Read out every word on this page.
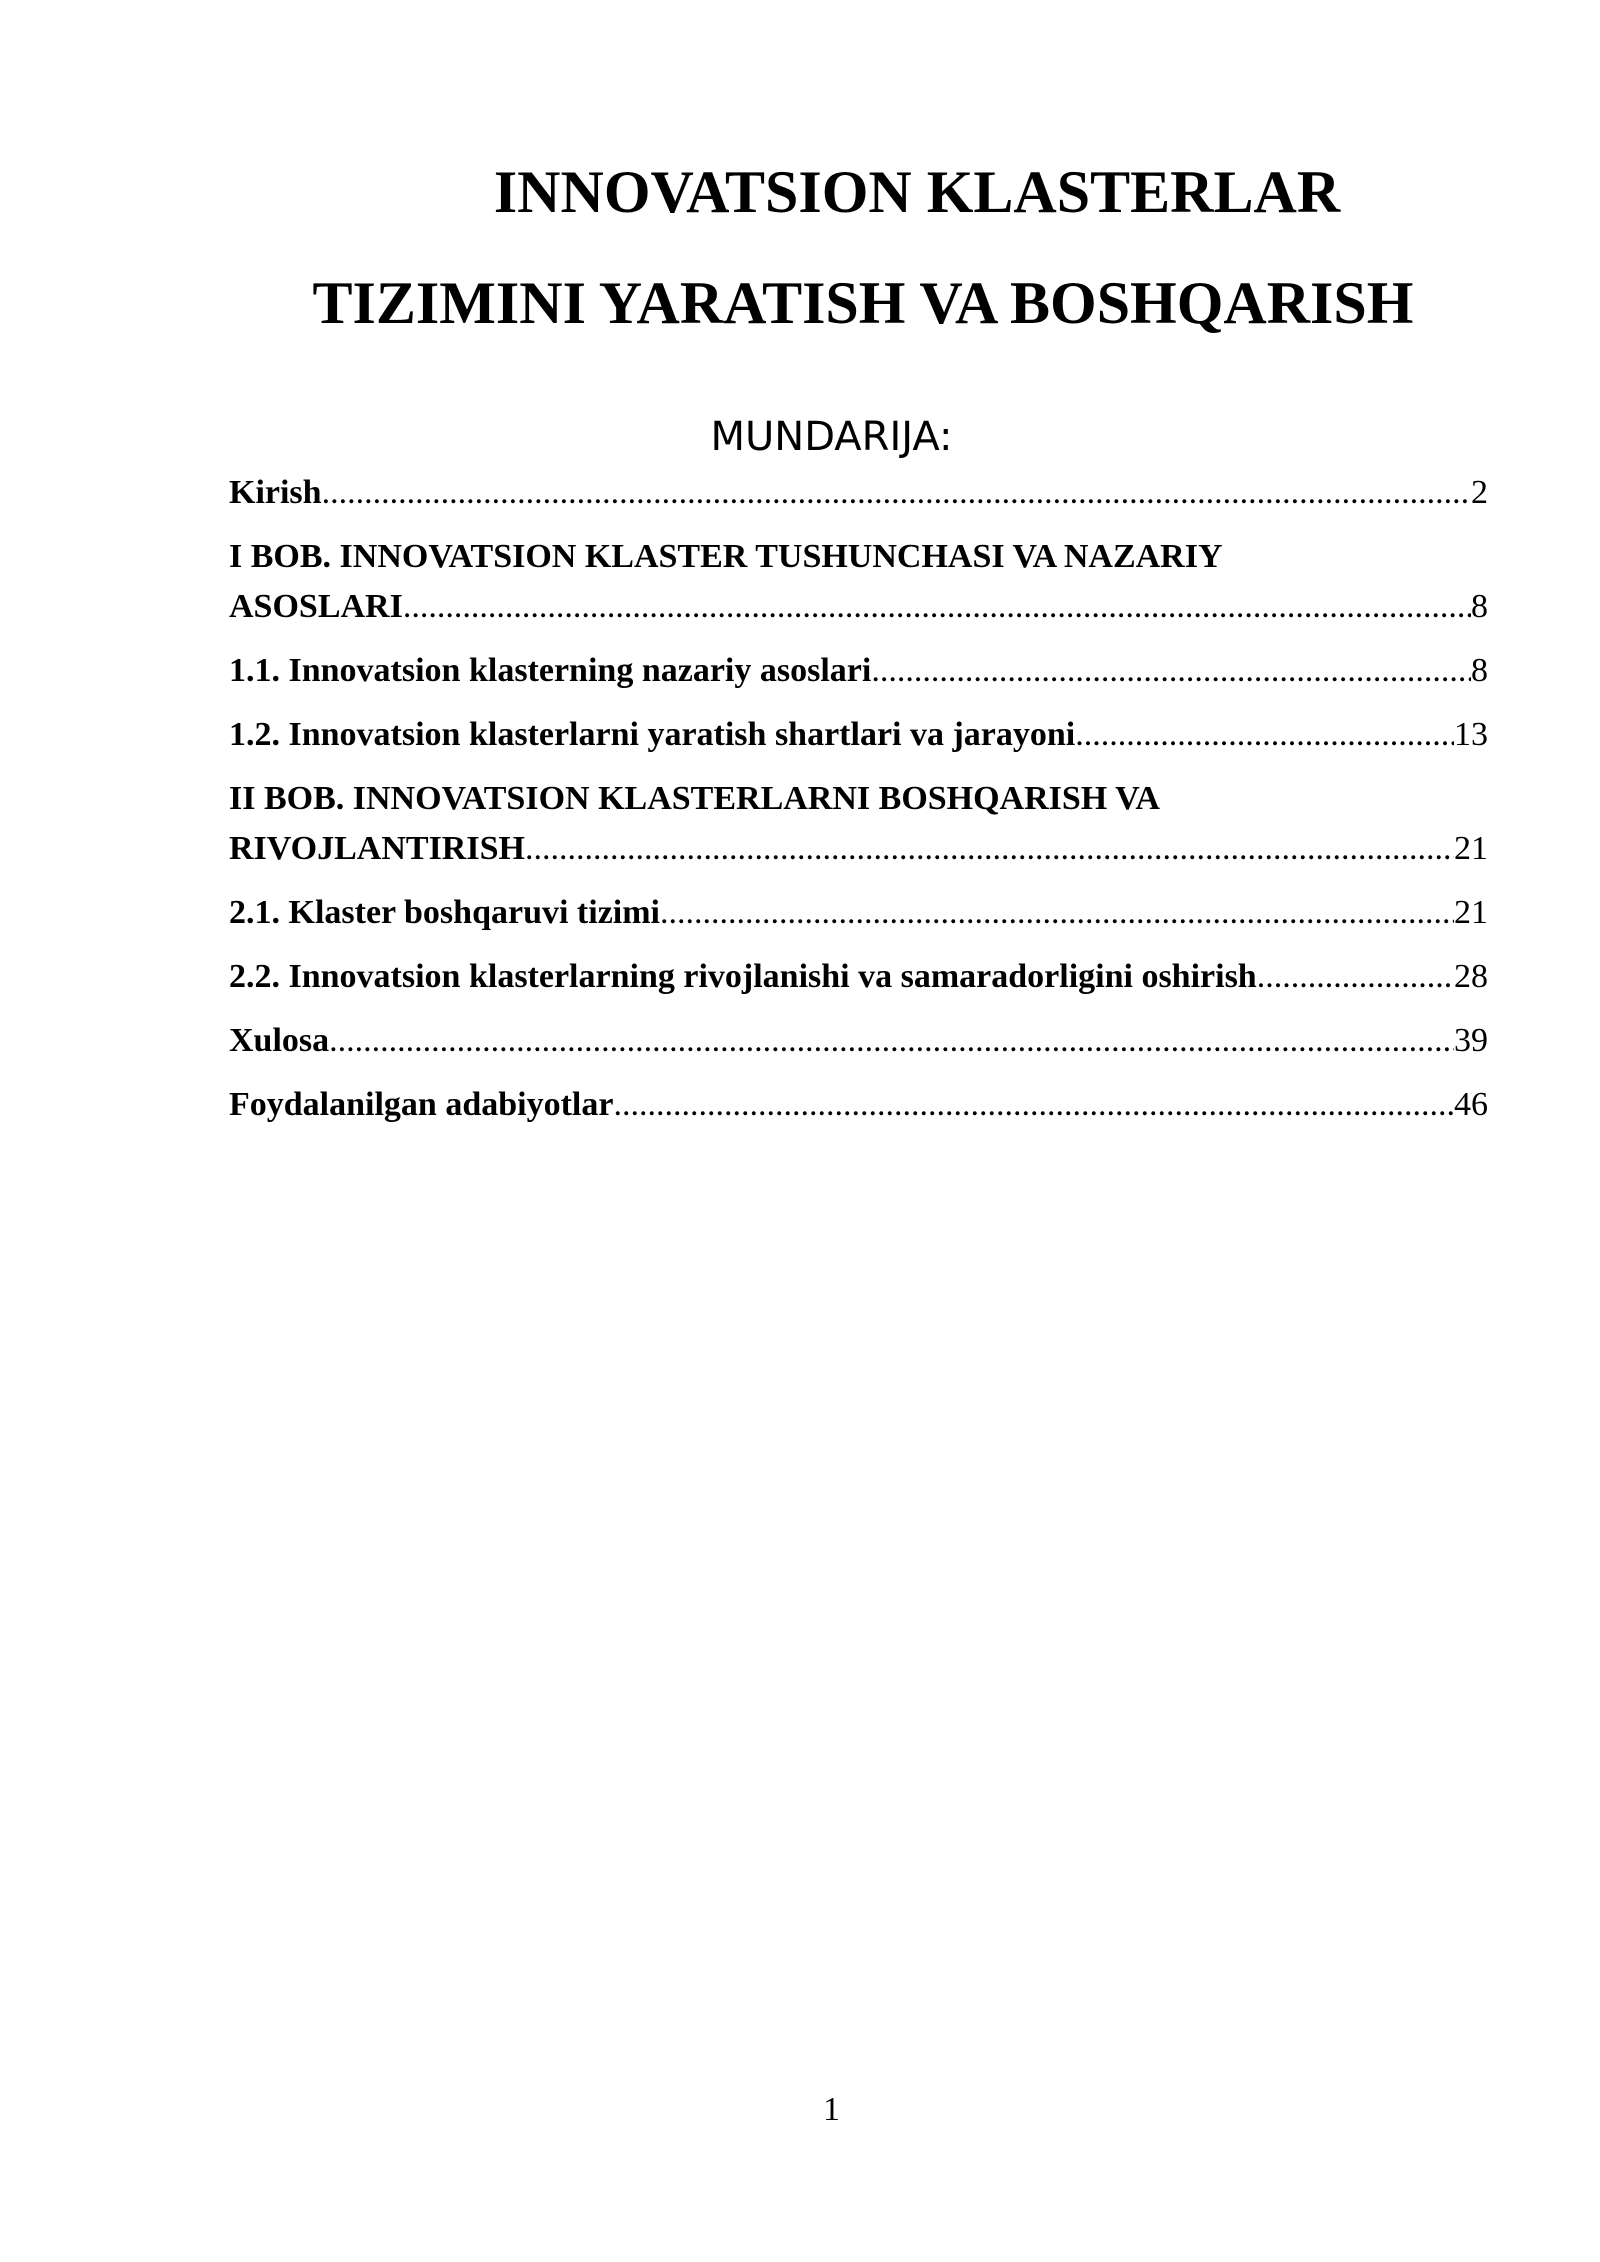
INNOVATSION KLASTERLAR
TIZIMINI YARATISH VA BOSHQARISH
MUNDARIJA:
Kirish .....	2
I BOB. INNOVATSION KLASTER TUSHUNCHASI VA NAZARIY
ASOSLARI .....	8
1.1. Innovatsion klasterning nazariy asoslari .....	8
1.2. Innovatsion klasterlarni yaratish shartlari va jarayoni .....	13
II BOB. INNOVATSION KLASTERLARNI BOSHQARISH VA
RIVOJLANTIRISH .....	21
2.1. Klaster boshqaruvi tizimi .....	21
2.2. Innovatsion klasterlarning rivojlanishi va samaradorligini oshirish .....	28
Xulosa .....	39
Foydalanilgan adabiyotlar .....	46
1
